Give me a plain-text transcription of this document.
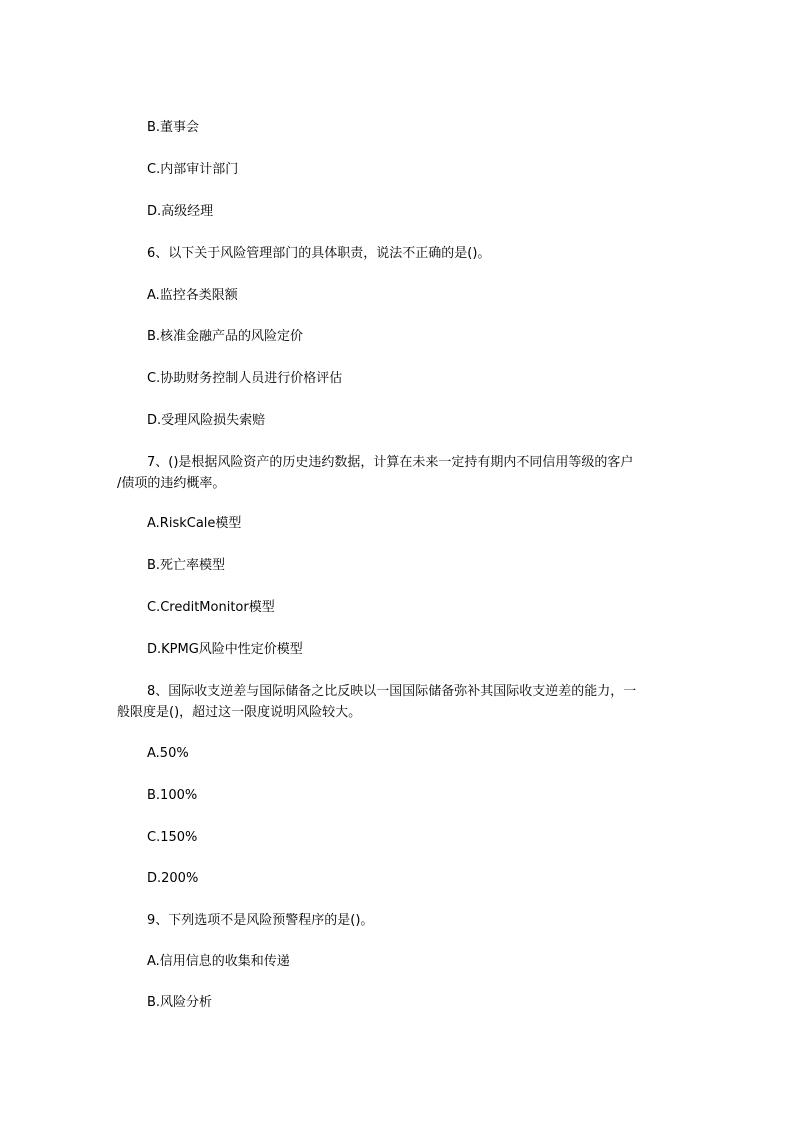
B.董事会
C.内部审计部门
D.高级经理
6、以下关于风险管理部门的具体职责，说法不正确的是()。
A.监控各类限额
B.核准金融产品的风险定价
C.协助财务控制人员进行价格评估
D.受理风险损失索赔
7、()是根据风险资产的历史违约数据，计算在未来一定持有期内不同信用等级的客户
/债项的违约概率。
A.RiskCale模型
B.死亡率模型
C.CreditMonitor模型
D.KPMG风险中性定价模型
8、国际收支逆差与国际储备之比反映以一国国际储备弥补其国际收支逆差的能力，一
般限度是()，超过这一限度说明风险较大。
A.50%
B.100%
C.150%
D.200%
9、下列选项不是风险预警程序的是()。
A.信用信息的收集和传递
B.风险分析
